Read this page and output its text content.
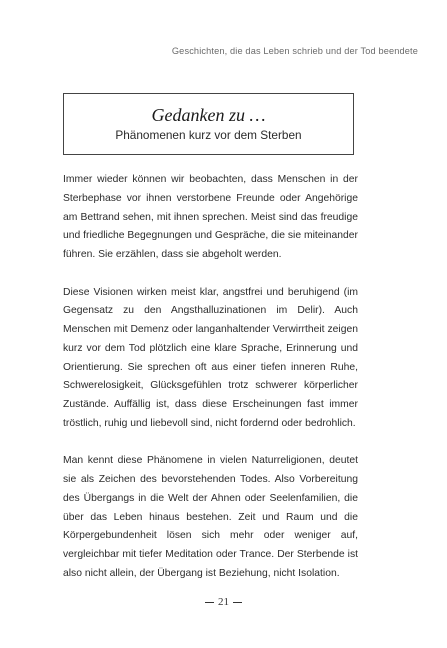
Geschichten, die das Leben schrieb und der Tod beendete
Gedanken zu …
Phänomenen kurz vor dem Sterben

Immer wieder können wir beobachten, dass Menschen in der Sterbephase vor ihnen verstorbene Freunde oder Angehörige am Bettrand sehen, mit ihnen sprechen. Meist sind das freudige und friedliche Begegnungen und Gespräche, die sie miteinander führen. Sie erzählen, dass sie abgeholt werden.

Diese Visionen wirken meist klar, angstfrei und beruhigend (im Gegensatz zu den Angsthalluzinationen im Delir). Auch Menschen mit Demenz oder langanhaltender Verwirrtheit zeigen kurz vor dem Tod plötzlich eine klare Sprache, Erinnerung und Orientierung. Sie sprechen oft aus einer tiefen inneren Ruhe, Schwerelosigkeit, Glücksgefühlen trotz schwerer körperlicher Zustände. Auffällig ist, dass diese Erscheinungen fast immer tröstlich, ruhig und liebevoll sind, nicht fordernd oder bedrohlich.

Man kennt diese Phänomene in vielen Naturreligionen, deutet sie als Zeichen des bevorstehenden Todes. Also Vorbereitung des Übergangs in die Welt der Ahnen oder Seelenfamilien, die über das Leben hinaus bestehen. Zeit und Raum und die Körpergebundenheit lösen sich mehr oder weniger auf, vergleichbar mit tiefer Meditation oder Trance. Der Sterbende ist also nicht allein, der Übergang ist Beziehung, nicht Isolation.

21
